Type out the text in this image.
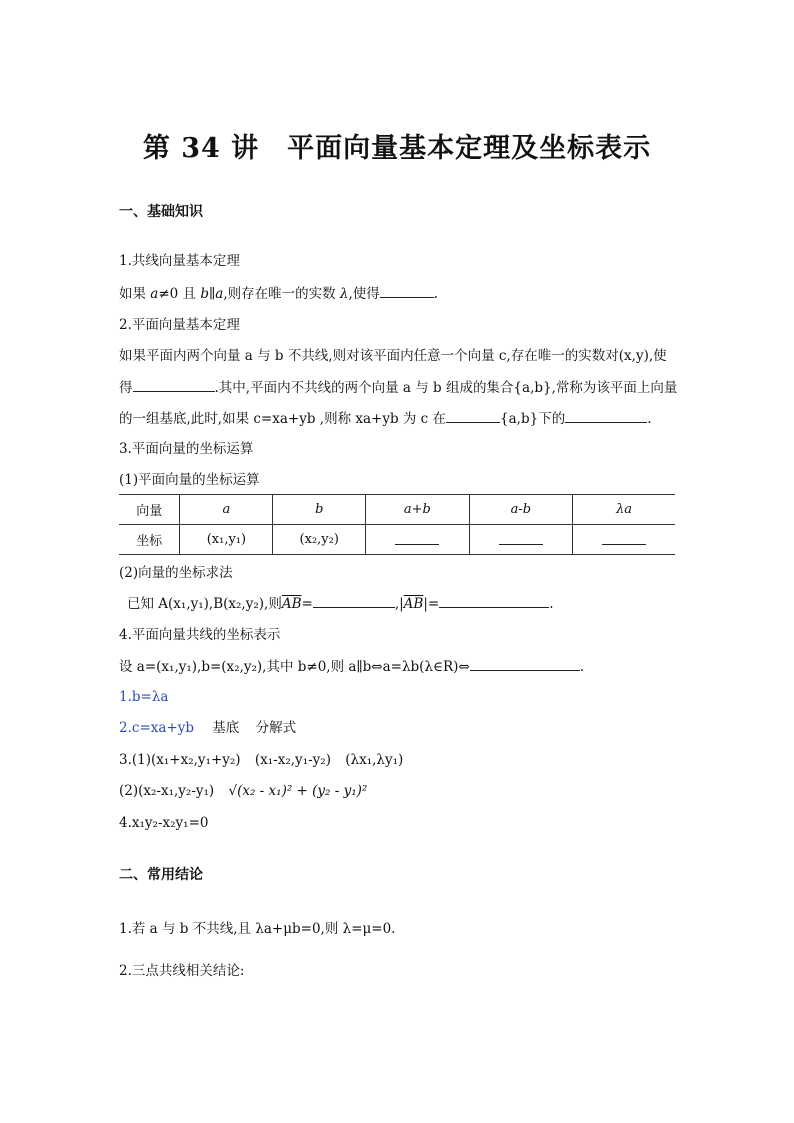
第 34 讲　平面向量基本定理及坐标表示
一、基础知识
1.共线向量基本定理
如果 a≠0 且 b∥a,则存在唯一的实数 λ,使得	.
2.平面向量基本定理
如果平面内两个向量 a 与 b 不共线,则对该平面内任意一个向量 c,存在唯一的实数对(x,y),使
得	.其中,平面内不共线的两个向量 a 与 b 组成的集合{a,b},常称为该平面上向量
的一组基底,此时,如果 c=xa+yb ,则称 xa+yb 为 c 在	{a,b}下的	.
3.平面向量的坐标运算
(1)平面向量的坐标运算
向量	a	b	a+b	a-b	λa
坐标	(x₁,y₁)	(x₂,y₂)			
(2)向量的坐标求法
已知 A(x₁,y₁),B(x₂,y₂),则$\overline{AB}=$	$,|\overline{AB}|=$	.
4.平面向量共线的坐标表示
设 a=(x₁,y₁),b=(x₂,y₂),其中 b≠0,则 a∥b⇔a=λb(λ∈R)⇔	.
1.b=λa
2.c=xa+yb 基底 分解式
3.(1)(x₁+x₂,y₁+y₂) (x₁-x₂,y₁-y₂) (λx₁,λy₁)
(2)(x₂-x₁,y₂-y₁) √(x₂ - x₁)² + (y₂ - y₁)²
4.x₁y₂-x₂y₁=0
二、常用结论
1.若 a 与 b 不共线,且 λa+μb=0,则 λ=μ=0.
2.三点共线相关结论:
